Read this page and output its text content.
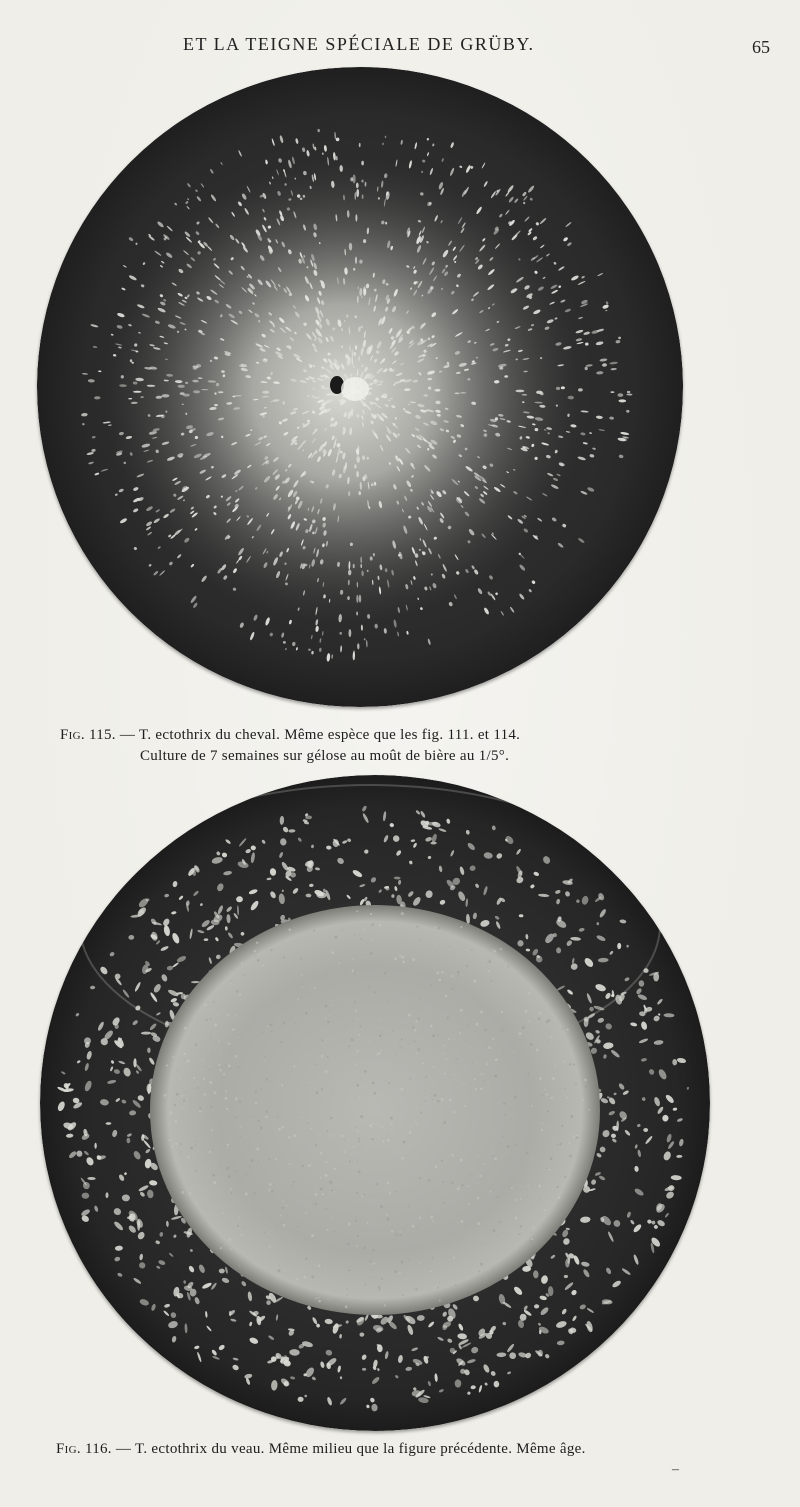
ET LA TEIGNE SPÉCIALE DE GRÜBY.	65
Fig. 115. — T. ectothrix du cheval. Même espèce que les fig. 111. et 114.
Culture de 7 semaines sur gélose au moût de bière au 1/5°.
Fig. 116. — T. ectothrix du veau. Même milieu que la figure précédente. Même âge.
–
